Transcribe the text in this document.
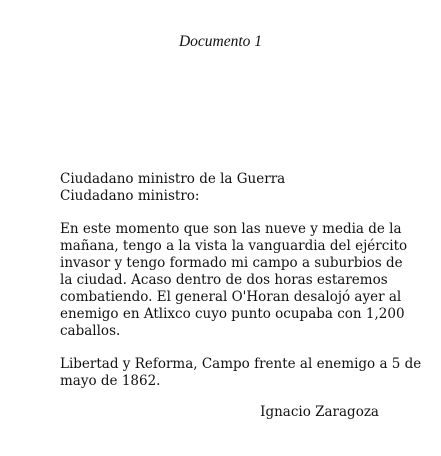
Documento 1

Ciudadano ministro de la Guerra

Ciudadano ministro:

En este momento que son las nueve y media de la

mañana, tengo a la vista la vanguardia del ejército

invasor y tengo formado mi campo a suburbios de

la ciudad. Acaso dentro de dos horas estaremos

combatiendo. El general O'Horan desalojó ayer al

enemigo en Atlixco cuyo punto ocupaba con 1,200

caballos.

Libertad y Reforma, Campo frente al enemigo a 5 de

mayo de 1862.

Ignacio Zaragoza
